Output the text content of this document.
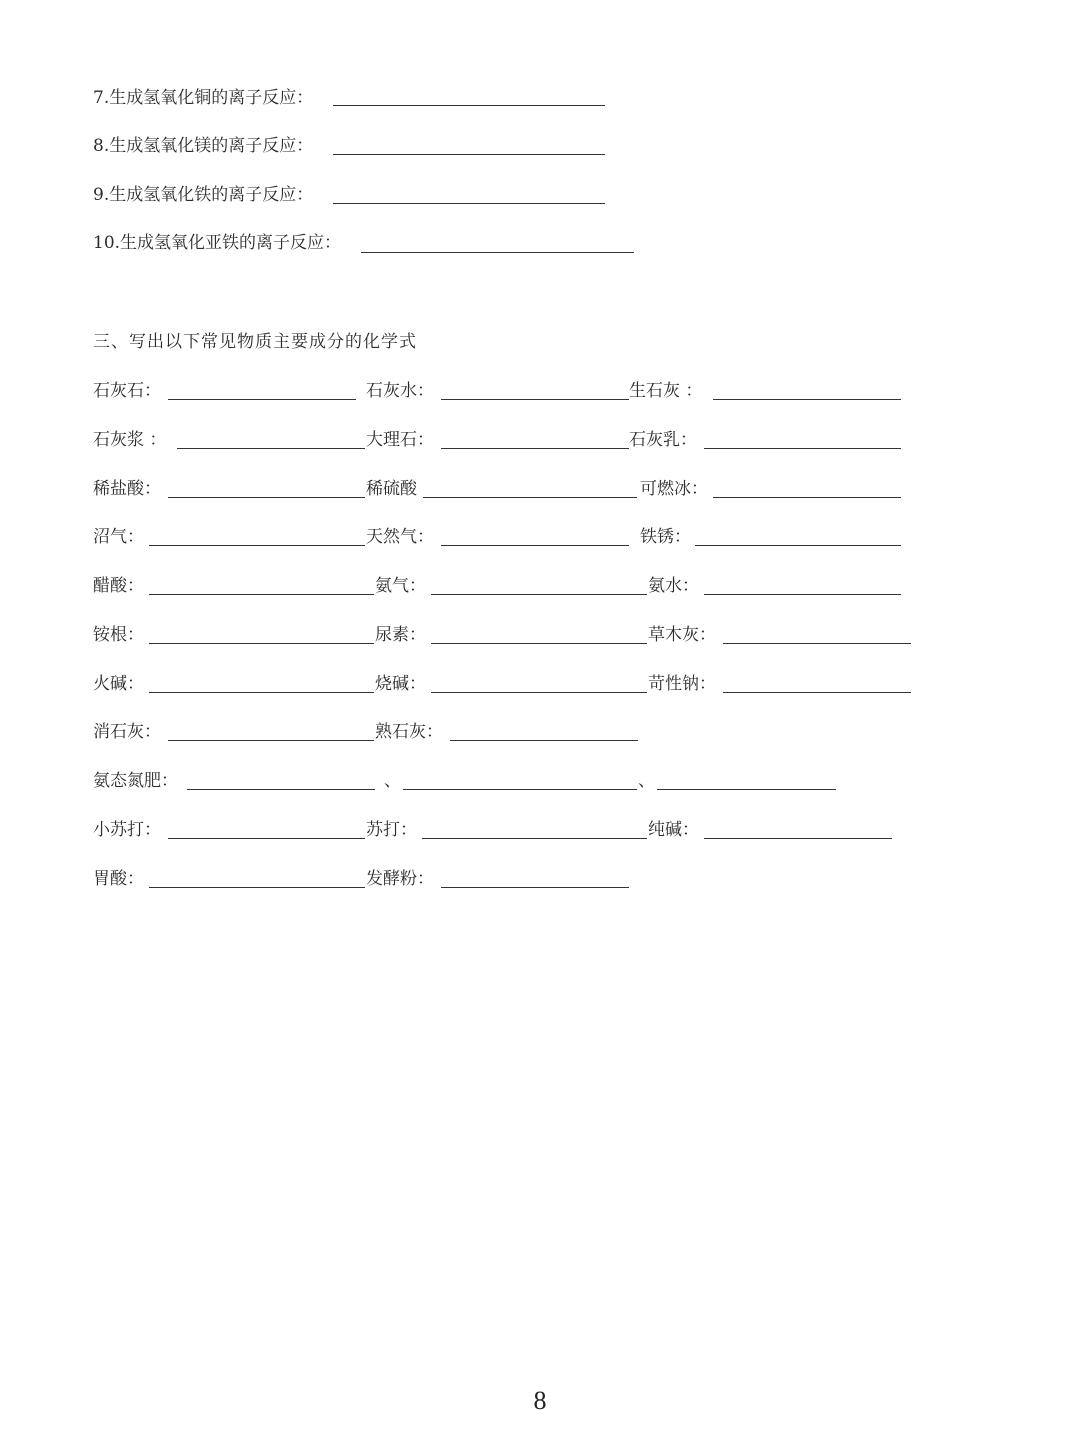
7.生成氢氧化铜的离子反应：
8.生成氢氧化镁的离子反应：
9.生成氢氧化铁的离子反应：
10.生成氢氧化亚铁的离子反应：
三、写出以下常见物质主要成分的化学式
石灰石：	石灰水：	生石灰 ：
石灰浆 ：	大理石：	石灰乳：
稀盐酸：	稀硫酸	可燃冰：
沼气：	天然气：	铁锈：
醋酸：	氨气：	氨水：
铵根：	尿素：	草木灰：
火碱：	烧碱：	苛性钠：
消石灰：	熟石灰：
氨态氮肥：	、	、
小苏打：	苏打：	纯碱：
胃酸：	发酵粉：
8
